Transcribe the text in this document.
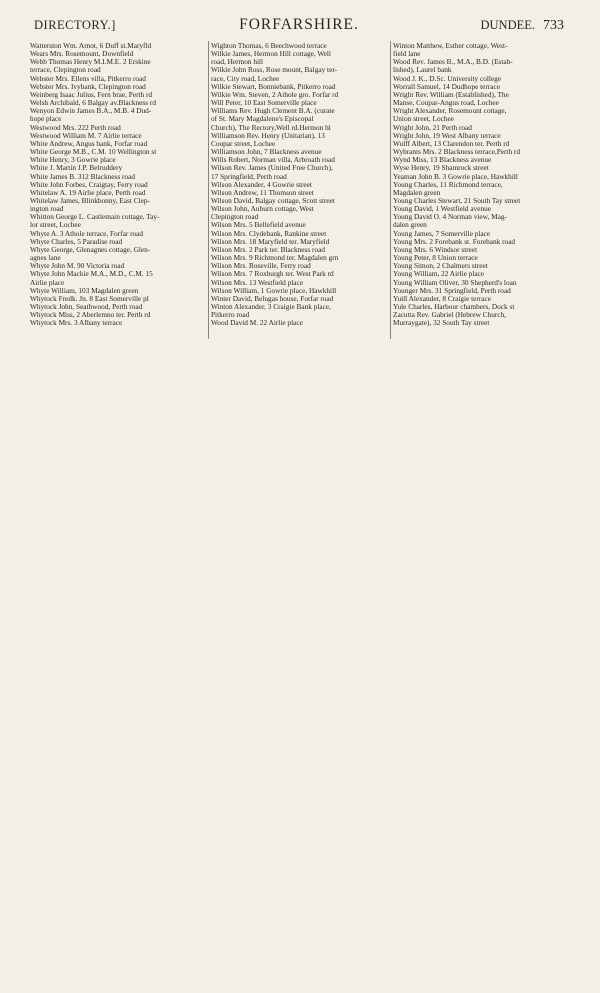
DIRECTORY.]	FORFARSHIRE.	DUNDEE. 733
Watterston Wm. Arnot, 6 Duff st.Maryfld
Wears Mrs. Rosemount, Downfield
Webb Thomas Henry M.I.M.E. 2 Erskine
terrace, Clepington road
Webster Mrs. Ellens villa, Pitkerro road
Webster Mrs. Ivybank, Clepington road
Weinberg Isaac Julius, Fern brae, Perth rd
Welsh Archibald, 6 Balgay av.Blackness rd
Wenyon Edwin James B.A., M.B. 4 Dud-
hope place
Westwood Mrs. 222 Perth road
Westwood William M. 7 Airlie terrace
White Andrew, Angus bank, Forfar road
White George M.B., C.M. 10 Wellington st
White Henry, 3 Gowrie place
White J. Martin J.P. Belruddery
White James B. 312 Blackness road
White John Forbes, Craigtay, Ferry road
Whitelaw A. 19 Airlie place, Perth road
Whitelaw James, Blinkbonny, East Clep-
ington road
Whitton George L. Castlemain cottage, Tay-
lor street, Lochee
Whyte A. 3 Athole terrace, Forfar road
Whyte Charles, 5 Paradise road
Whyte George, Glenagnes cottage, Glen-
agnes lane
Whyte John M. 90 Victoria road
Whyte John Mackie M.A., M.D., C.M. 15
Airlie place
Whyte William, 103 Magdalen green
Whytock Fredk. Jn. 8 East Somerville pl
Whytock John, Seathwood, Perth road
Whytock Miss, 2 Aberlemno ter. Perth rd
Whytock Mrs. 3 Albany terrace
Wighton Thomas, 6 Beechwood terrace
Wilkie James, Hermon Hill cottage, Well
road, Hermon hill
Wilkie John Ross, Rose mount, Balgay ter-
race, City road, Lochee
Wilkie Stewart, Bonniebank, Pitkerro road
Wilkie Wm. Steven, 2 Athole gro. Forfar rd
Will Peter, 10 East Somerville place
Williams Rev. Hugh Clement B.A. (curate
of St. Mary Magdalene's Episcopal
Church), The Rectory,Well rd.Hermon hl
Williamson Rev. Henry (Unitarian), 13
Coupar street, Lochee
Williamson John, 7 Blackness avenue
Wills Robert, Norman villa, Arbroath road
Wilson Rev. James (United Free Church),
17 Springfield, Perth road
Wilson Alexander, 4 Gowrie street
Wilson Andrew, 11 Thomson street
Wilson David, Balgay cottage, Scott street
Wilson John, Auburn cottage, West
Clepington road
Wilson Mrs. 5 Bellefield avenue
Wilson Mrs. Clydebank, Rankine street
Wilson Mrs. 18 Maryfield ter. Maryfield
Wilson Mrs. 2 Park ter. Blackness road
Wilson Mrs. 9 Richmond ter. Magdalen grn
Wilson Mrs. Roseville, Ferry road
Wilson Mrs. 7 Roxburgh ter. West Park rd
Wilson Mrs. 13 Westfield place
Wilson William, 1 Gowrie place, Hawkhill
Winter David, Belugas house, Forfar road
Winton Alexander, 3 Craigie Bank place,
Pitkerro road
Wood David M. 22 Airlie place
Winton Matthew, Esther cottage, West-
field lane
Wood Rev. James B., M.A., B.D. (Estab-
lished), Laurel bank
Wood J. K., D.Sc. University college
Worrall Samuel, 14 Dudhope terrace
Wright Rev. William (Established), The
Manse, Coupar-Angus road, Lochee
Wright Alexander, Rosemount cottage,
Union street, Lochee
Wright John, 21 Perth road
Wright John, 19 West Albany terrace
Wulff Albert, 13 Clarendon ter. Perth rd
Wybrants Mrs. 2 Blackness terrace,Perth rd
Wynd Miss, 13 Blackness avenue
Wyse Henry, 19 Shamrock street
Yeaman John B. 3 Gowrie place, Hawkhill
Young Charles, 11 Richmond terrace,
Magdalen green
Young Charles Stewart, 21 South Tay street
Young David, 1 Westfield avenue
Young David O. 4 Norman view, Mag-
dalen green
Young James, 7 Somerville place
Young Mrs. 2 Forebank st. Forebank road
Young Mrs. 6 Windsor street
Young Peter, 8 Union terrace
Young Simon, 2 Chalmers street
Young William, 22 Airlie place
Young William Oliver, 30 Shepherd's loan
Younger Mrs. 31 Springfield, Perth road
Yuill Alexander, 8 Craigie terrace
Yule Charles, Harbour chambers, Dock st
Zacutta Rev. Gabriel (Hebrew Church,
Murraygate), 32 South Tay street
